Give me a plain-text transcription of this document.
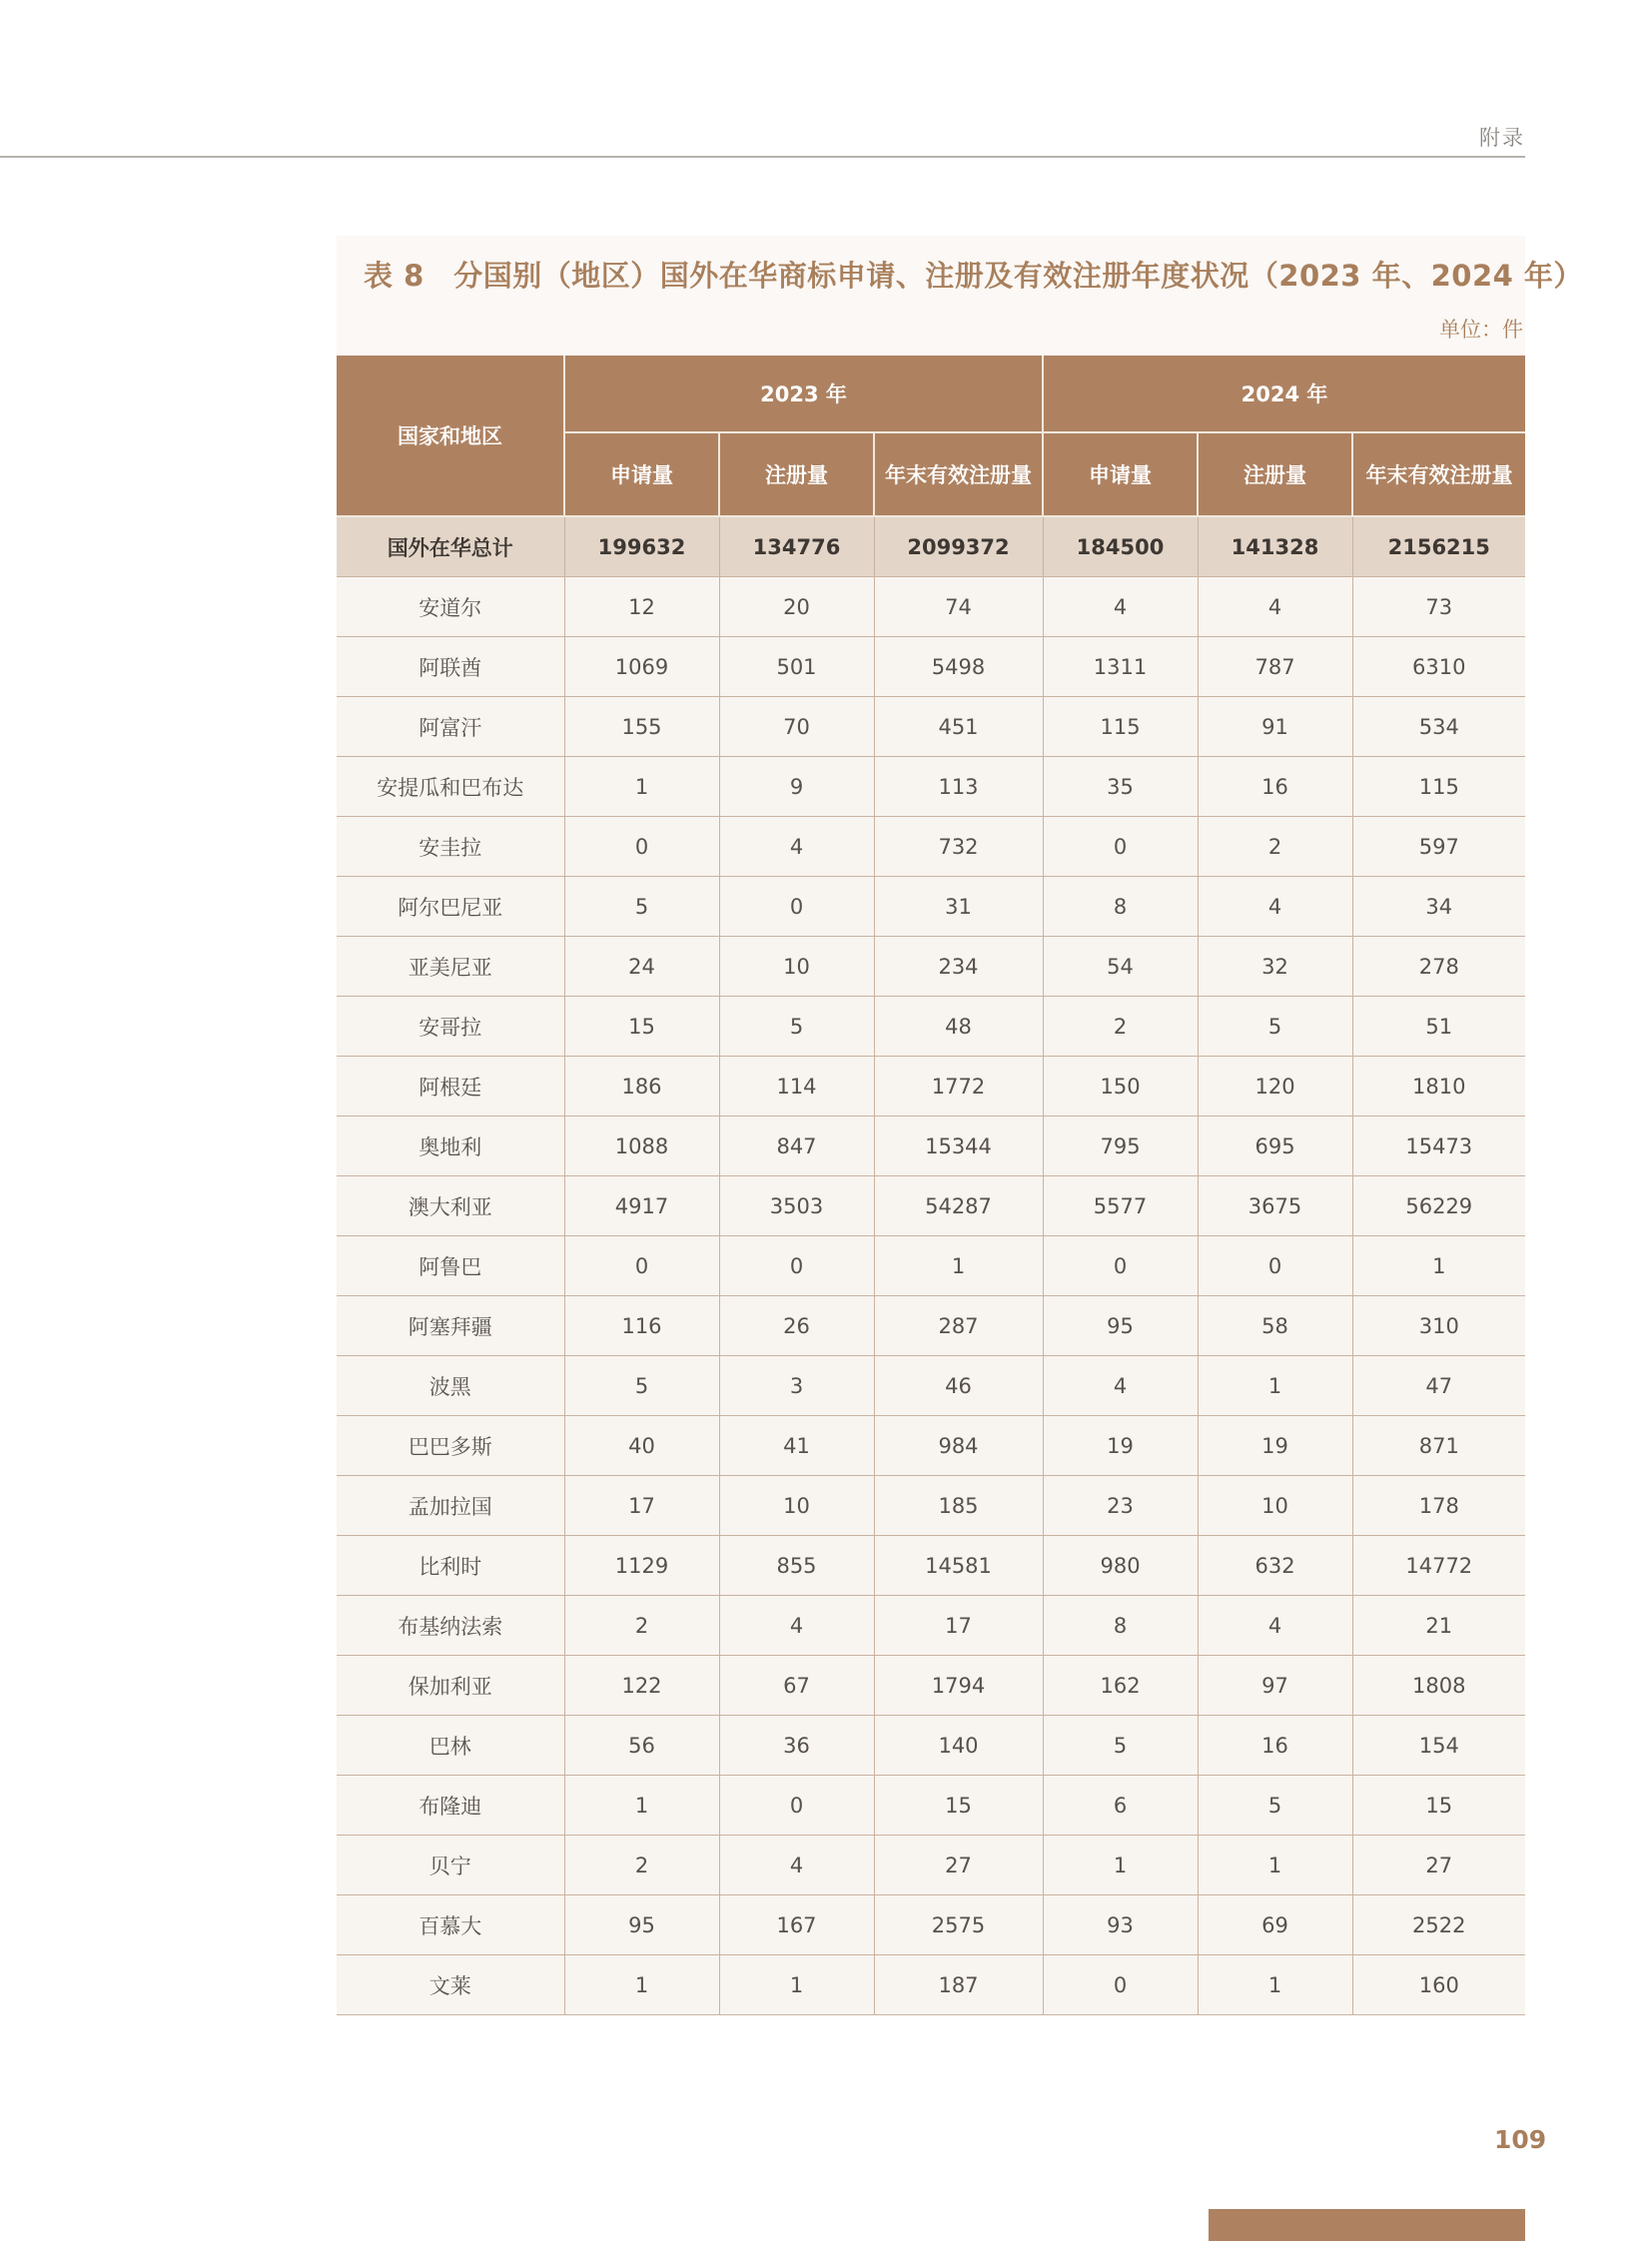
附录
表 8　分国别（地区）国外在华商标申请、注册及有效注册年度状况（2023 年、2024 年）
单位：件
国家和地区	2023 年			2024 年		
	申请量	注册量	年末有效注册量	申请量	注册量	年末有效注册量
国外在华总计	199632	134776	2099372	184500	141328	2156215
安道尔	12	20	74	4	4	73
阿联酋	1069	501	5498	1311	787	6310
阿富汗	155	70	451	115	91	534
安提瓜和巴布达	1	9	113	35	16	115
安圭拉	0	4	732	0	2	597
阿尔巴尼亚	5	0	31	8	4	34
亚美尼亚	24	10	234	54	32	278
安哥拉	15	5	48	2	5	51
阿根廷	186	114	1772	150	120	1810
奥地利	1088	847	15344	795	695	15473
澳大利亚	4917	3503	54287	5577	3675	56229
阿鲁巴	0	0	1	0	0	1
阿塞拜疆	116	26	287	95	58	310
波黑	5	3	46	4	1	47
巴巴多斯	40	41	984	19	19	871
孟加拉国	17	10	185	23	10	178
比利时	1129	855	14581	980	632	14772
布基纳法索	2	4	17	8	4	21
保加利亚	122	67	1794	162	97	1808
巴林	56	36	140	5	16	154
布隆迪	1	0	15	6	5	15
贝宁	2	4	27	1	1	27
百慕大	95	167	2575	93	69	2522
文莱	1	1	187	0	1	160
109
